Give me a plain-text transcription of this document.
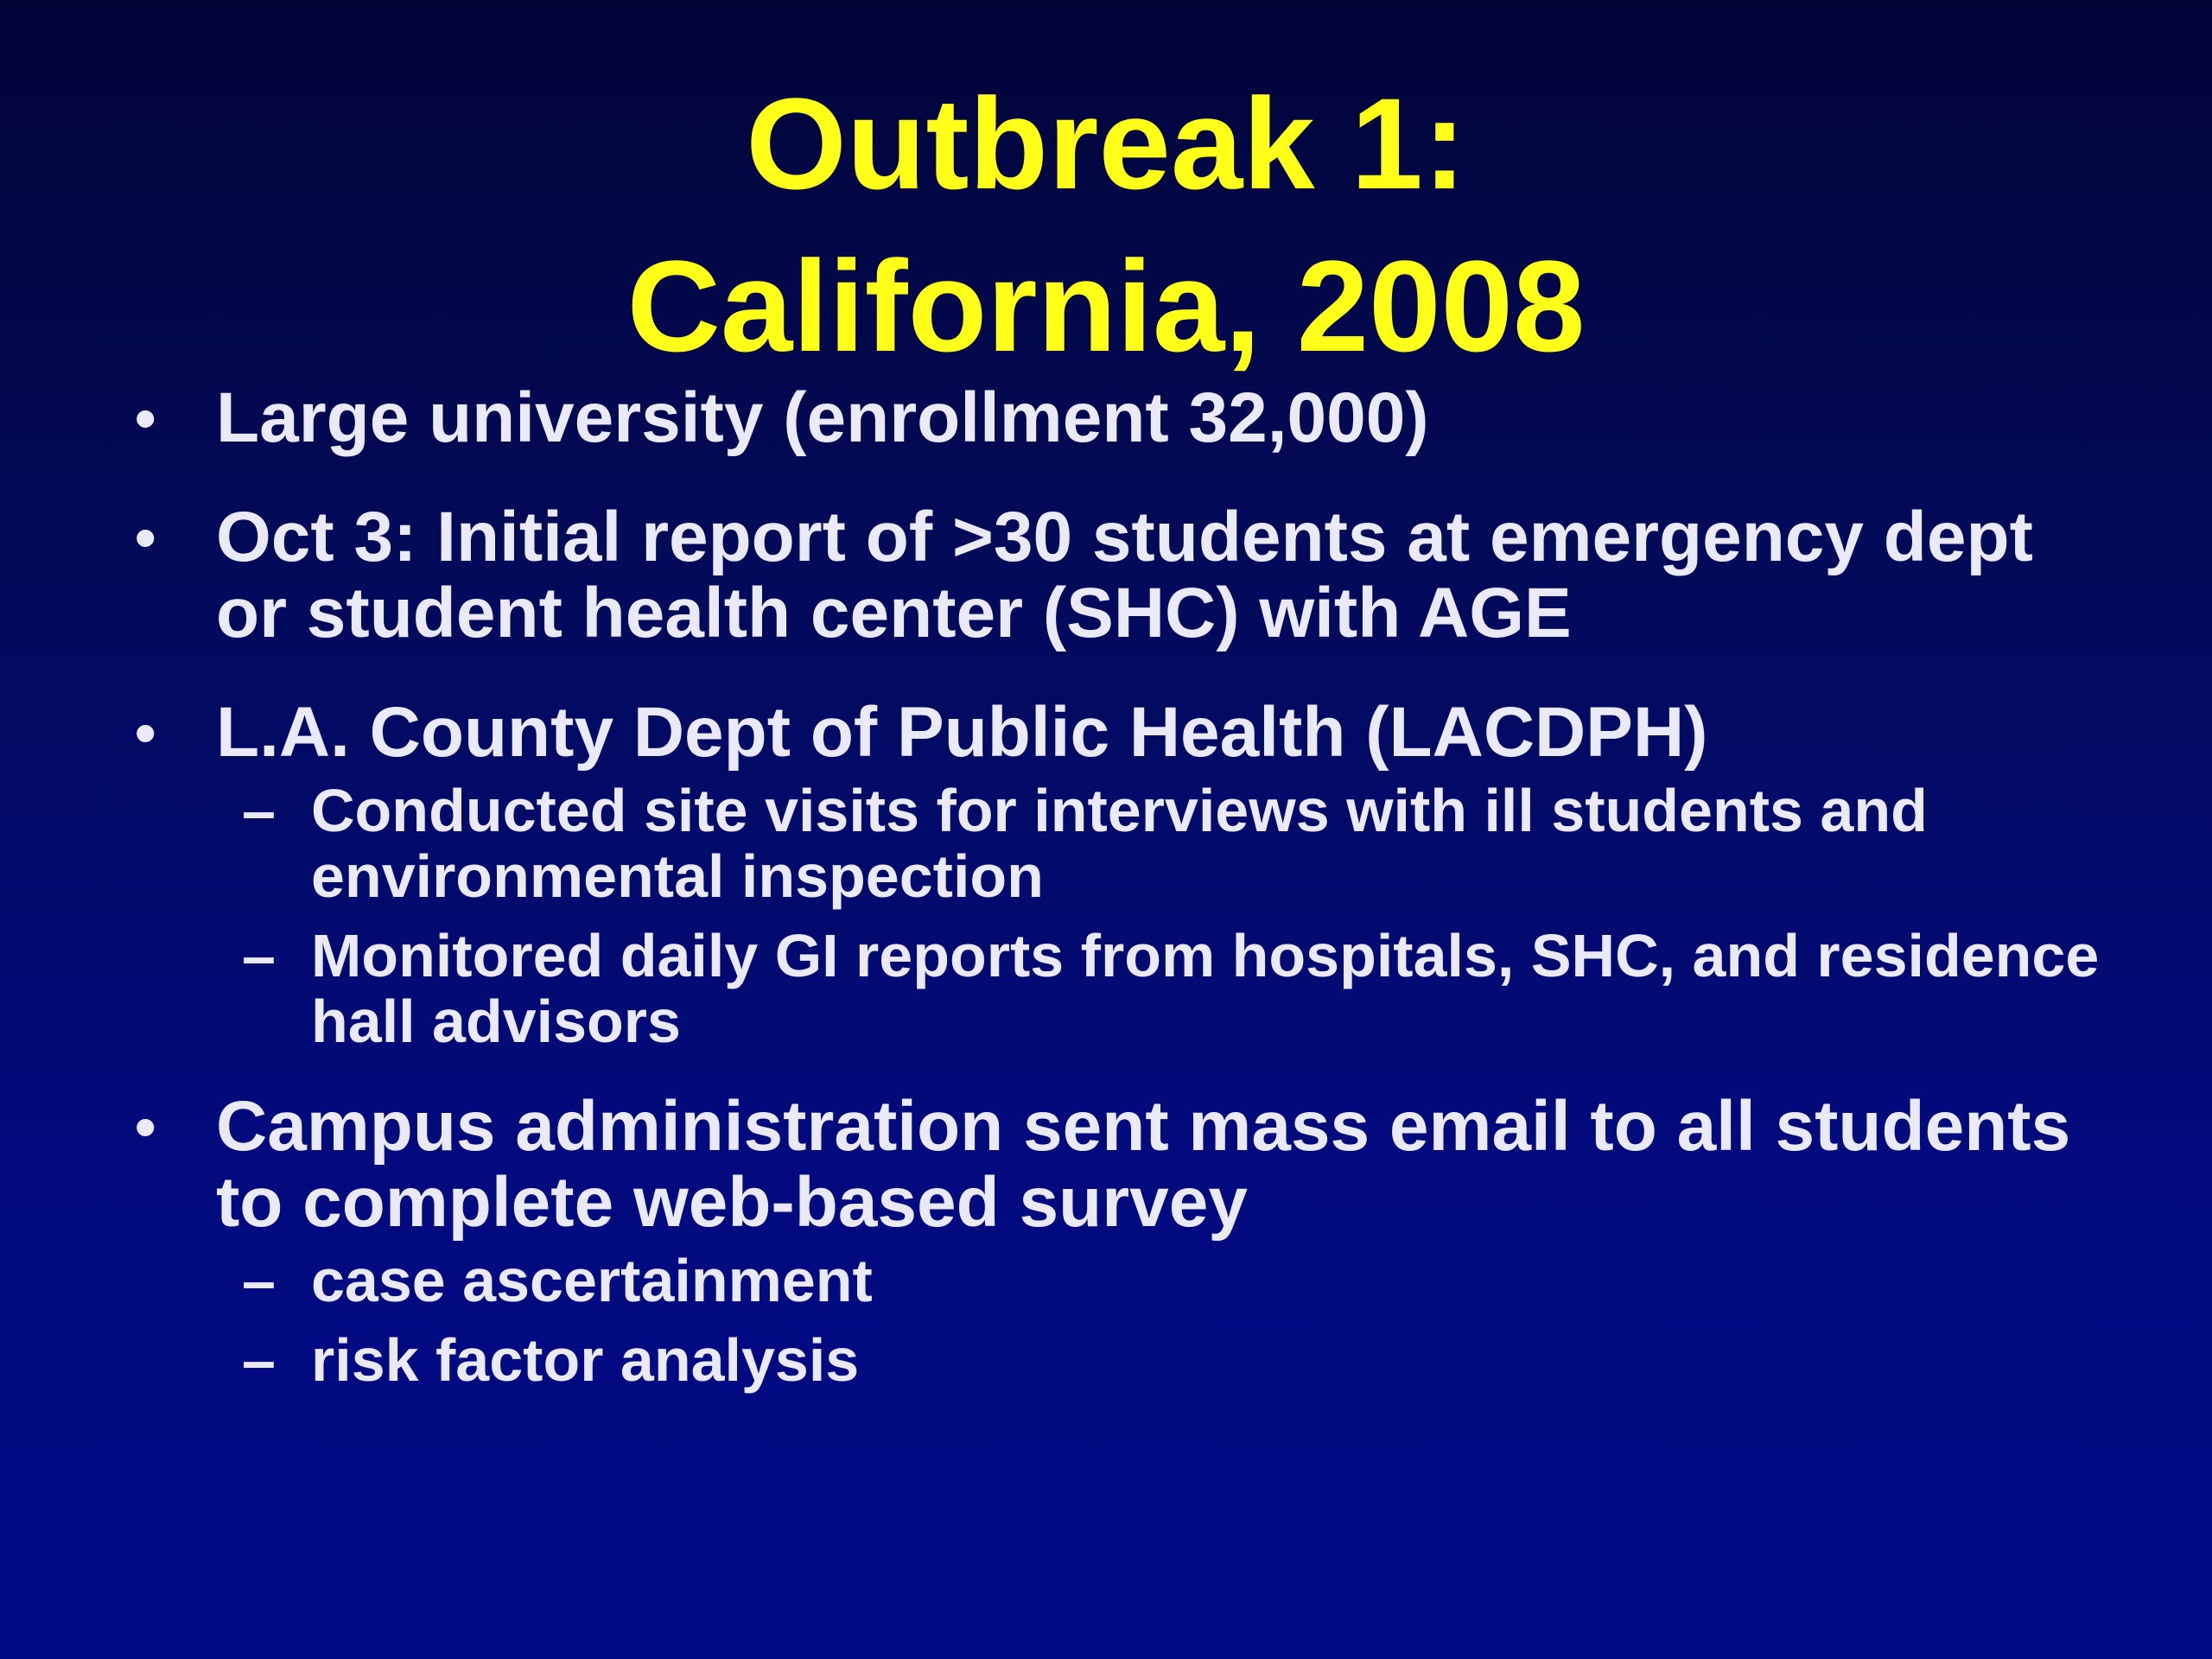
Outbreak 1:
California, 2008
• Large university (enrollment 32,000)
• Oct 3: Initial report of >30 students at emergency dept or student health center (SHC) with AGE
• L.A. County Dept of Public Health (LACDPH)
– Conducted site visits for interviews with ill students and environmental inspection
– Monitored daily GI reports from hospitals, SHC, and residence hall advisors
• Campus administration sent mass email to all students to complete web-based survey
– case ascertainment
– risk factor analysis
